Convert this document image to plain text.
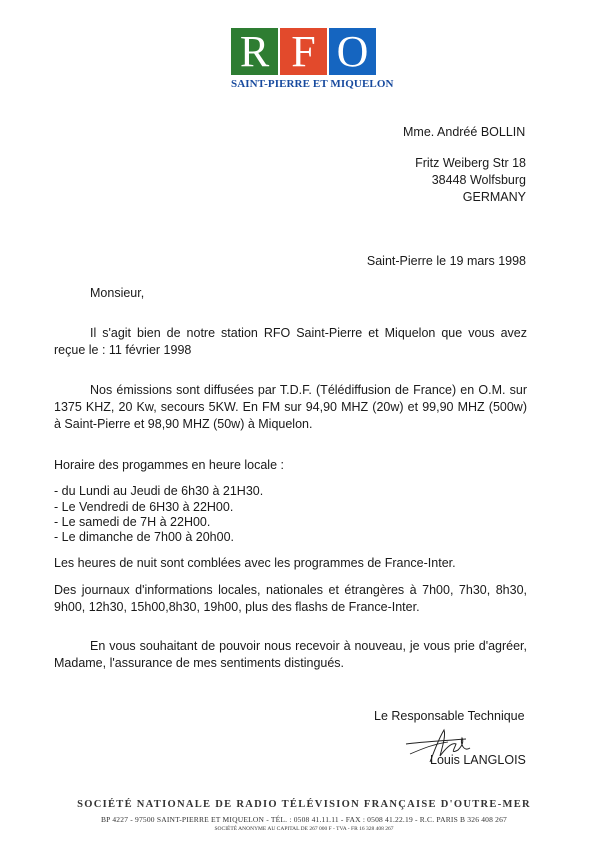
R F O
SAINT-PIERRE ET MIQUELON
Mme. Andréé BOLLIN
Fritz Weiberg Str 18
38448 Wolfsburg
GERMANY
Saint-Pierre le 19 mars 1998
Monsieur,
Il s'agit bien de notre station RFO Saint-Pierre et Miquelon que vous avez reçue le : 11 février 1998
Nos émissions sont diffusées par T.D.F. (Télédiffusion de France) en O.M. sur 1375 KHZ, 20 Kw, secours 5KW. En FM sur 94,90 MHZ (20w) et 99,90 MHZ (500w) à Saint-Pierre et 98,90 MHZ (50w) à Miquelon.
Horaire des progammes en heure locale :
- du Lundi au Jeudi de 6h30 à 21H30.
- Le Vendredi de 6H30 à 22H00.
- Le samedi de 7H à 22H00.
- Le dimanche de 7h00 à 20h00.
Les heures de nuit sont comblées avec les programmes de France-Inter.
Des journaux d'informations locales, nationales et étrangères à 7h00, 7h30, 8h30, 9h00, 12h30, 15h00,8h30, 19h00, plus des flashs de France-Inter.
En vous souhaitant de pouvoir nous recevoir à nouveau, je vous prie d'agréer, Madame, l'assurance de mes sentiments distingués.
Le Responsable Technique
Louis LANGLOIS
SOCIÉTÉ NATIONALE DE RADIO TÉLÉVISION FRANÇAISE D'OUTRE-MER
BP 4227 - 97500 SAINT-PIERRE ET MIQUELON - TÉL. : 0508 41.11.11 - FAX : 0508 41.22.19 - R.C. PARIS B 326 408 267
SOCIÉTÉ ANONYME AU CAPITAL DE 267 000 F - TVA - FR 16 328 408 267
